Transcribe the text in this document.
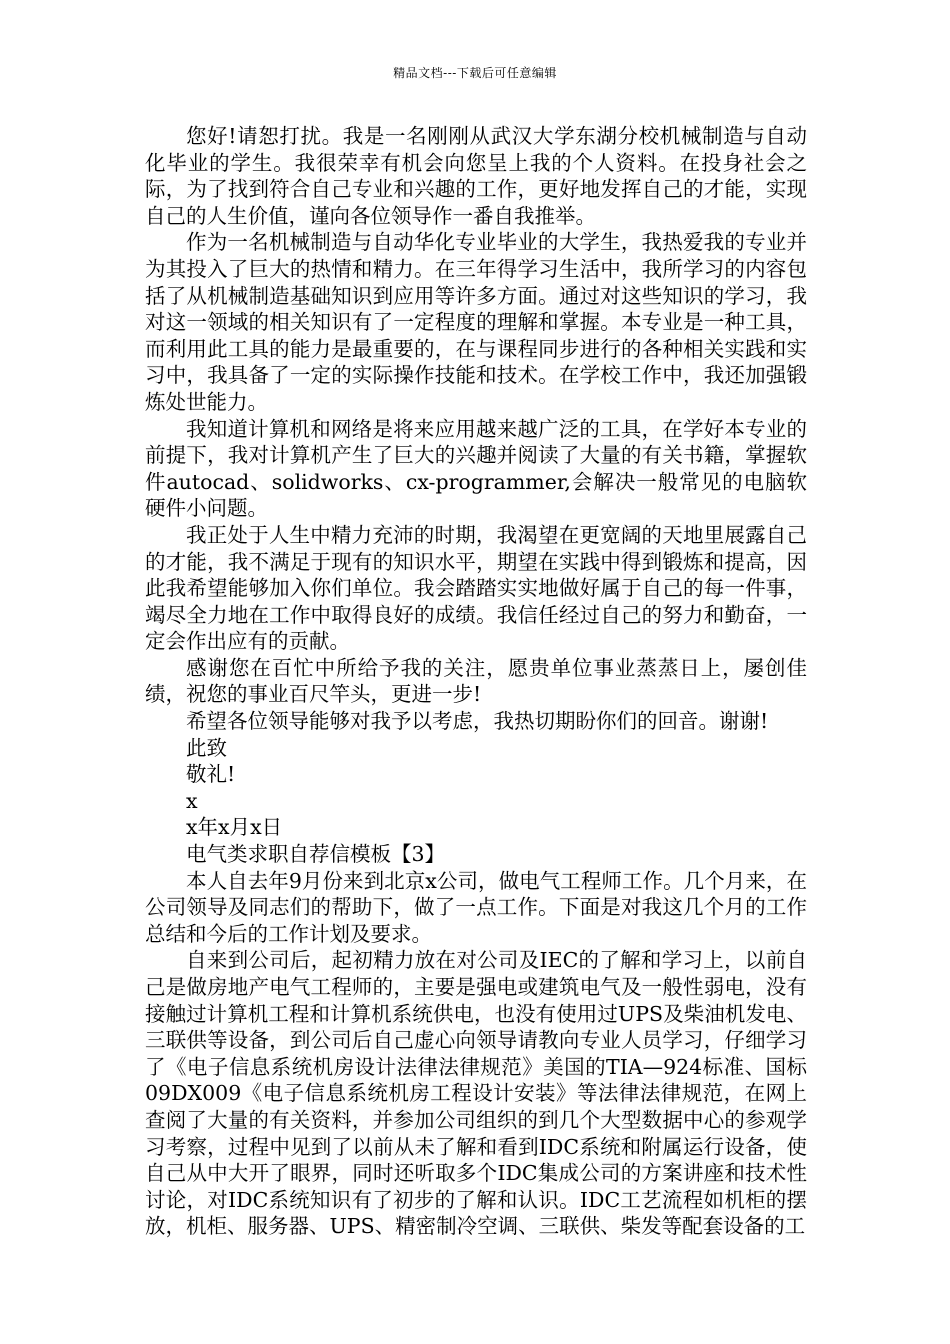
精品文档---下载后可任意编辑

您好!请恕打扰。我是一名刚刚从武汉大学东湖分校机械制造与自动化毕业的学生。我很荣幸有机会向您呈上我的个人资料。在投身社会之际，为了找到符合自己专业和兴趣的工作，更好地发挥自己的才能，实现自己的人生价值，谨向各位领导作一番自我推举。

作为一名机械制造与自动华化专业毕业的大学生，我热爱我的专业并为其投入了巨大的热情和精力。在三年得学习生活中，我所学习的内容包括了从机械制造基础知识到应用等许多方面。通过对这些知识的学习，我对这一领域的相关知识有了一定程度的理解和掌握。本专业是一种工具，而利用此工具的能力是最重要的，在与课程同步进行的各种相关实践和实习中，我具备了一定的实际操作技能和技术。在学校工作中，我还加强锻炼处世能力。

我知道计算机和网络是将来应用越来越广泛的工具，在学好本专业的前提下，我对计算机产生了巨大的兴趣并阅读了大量的有关书籍，掌握软件autocad、solidworks、cx-programmer,会解决一般常见的电脑软硬件小问题。

我正处于人生中精力充沛的时期，我渴望在更宽阔的天地里展露自己的才能，我不满足于现有的知识水平，期望在实践中得到锻炼和提高，因此我希望能够加入你们单位。我会踏踏实实地做好属于自己的每一件事，竭尽全力地在工作中取得良好的成绩。我信任经过自己的努力和勤奋，一定会作出应有的贡献。

感谢您在百忙中所给予我的关注，愿贵单位事业蒸蒸日上，屡创佳绩，祝您的事业百尺竿头，更进一步!

希望各位领导能够对我予以考虑，我热切期盼你们的回音。谢谢!

此致

敬礼!

x

x年x月x日

电气类求职自荐信模板【3】

本人自去年9月份来到北京x公司，做电气工程师工作。几个月来，在公司领导及同志们的帮助下，做了一点工作。下面是对我这几个月的工作总结和今后的工作计划及要求。

自来到公司后，起初精力放在对公司及IEC的了解和学习上，以前自己是做房地产电气工程师的，主要是强电或建筑电气及一般性弱电，没有接触过计算机工程和计算机系统供电，也没有使用过UPS及柴油机发电、三联供等设备，到公司后自己虚心向领导请教向专业人员学习，仔细学习了《电子信息系统机房设计法律法律规范》美国的TIA—924标准、国标09DX009《电子信息系统机房工程设计安装》等法律法律规范，在网上查阅了大量的有关资料，并参加公司组织的到几个大型数据中心的参观学习考察，过程中见到了以前从未了解和看到IDC系统和附属运行设备，使自己从中大开了眼界，同时还听取多个IDC集成公司的方案讲座和技术性讨论，对IDC系统知识有了初步的了解和认识。IDC工艺流程如机柜的摆放，机柜、服务器、UPS、精密制冷空调、三联供、柴发等配套设备的工
